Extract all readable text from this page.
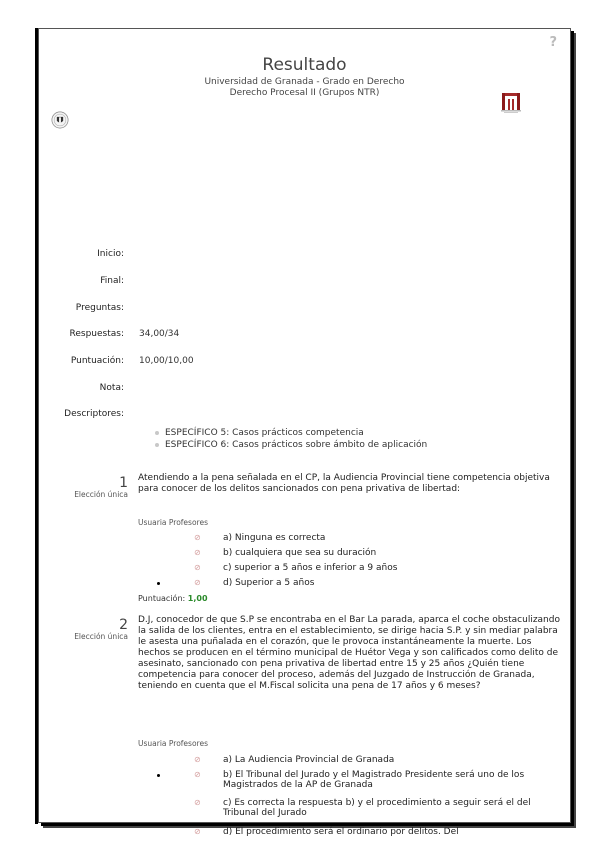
?
Resultado
Universidad de Granada - Grado en Derecho
Derecho Procesal II (Grupos NTR)
Inicio:
Final:
Preguntas:
Respuestas: 34,00/34
Puntuación: 10,00/10,00
Nota:
Descriptores:
ESPECÍFICO 5: Casos prácticos competencia
ESPECÍFICO 6: Casos prácticos sobre ámbito de aplicación
1
Elección única
Atendiendo a la pena señalada en el CP, la Audiencia Provincial tiene competencia objetiva para conocer de los delitos sancionados con pena privativa de libertad:
Usuaria Profesores
⊘ a) Ninguna es correcta
⊘ b) cualquiera que sea su duración
⊘ c) superior a 5 años e inferior a 9 años
⊘ d) Superior a 5 años
Puntuación: 1,00
2
Elección única
D.J, conocedor de que S.P se encontraba en el Bar La parada, aparca el coche obstaculizando la salida de los clientes, entra en el establecimiento, se dirige hacia S.P. y sin mediar palabra le asesta una puñalada en el corazón, que le provoca instantáneamente la muerte. Los hechos se producen en el término municipal de Huétor Vega y son calificados como delito de asesinato, sancionado con pena privativa de libertad entre 15 y 25 años ¿Quién tiene competencia para conocer del proceso, además del Juzgado de Instrucción de Granada, teniendo en cuenta que el M.Fiscal solicita una pena de 17 años y 6 meses?
Usuaria Profesores
⊘ a) La Audiencia Provincial de Granada
⊘ b) El Tribunal del Jurado y el Magistrado Presidente será uno de los Magistrados de la AP de Granada
⊘ c) Es correcta la respuesta b) y el procedimiento a seguir será el del Tribunal del Jurado
⊘ d) El procedimiento será el ordinario por delitos. Del
